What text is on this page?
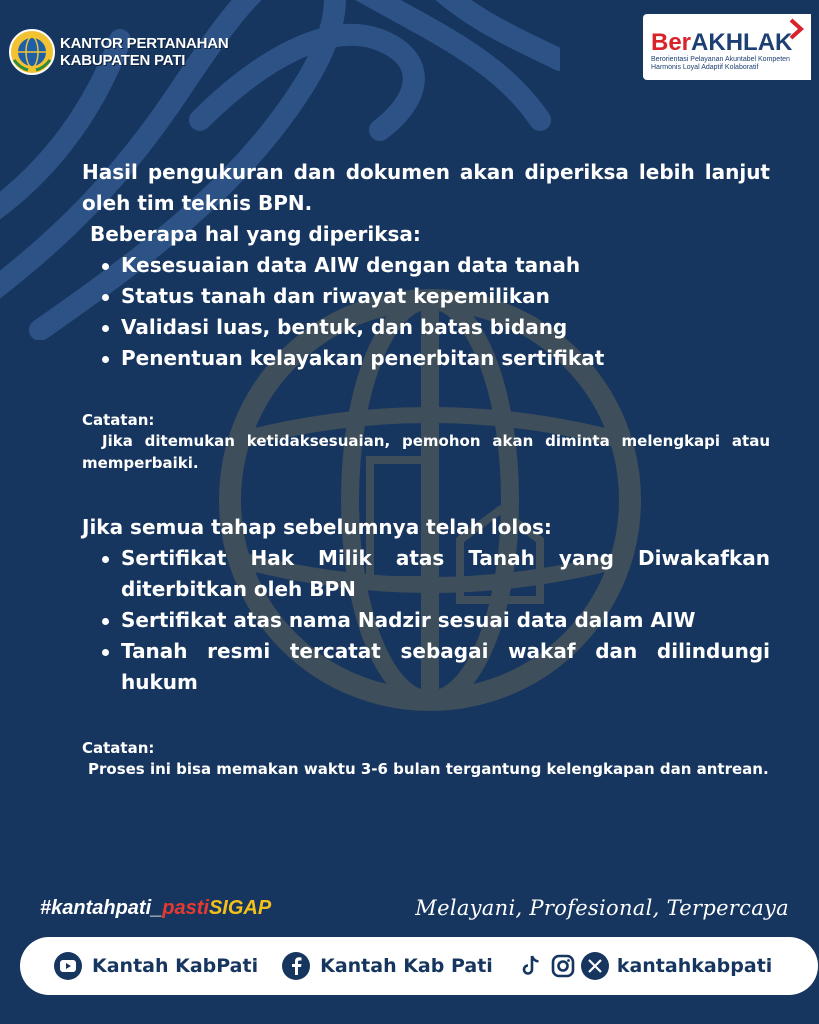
KANTOR PERTANAHAN
KABUPATEN PATI
BerAKHLAK
Berorientasi Pelayanan Akuntabel Kompeten
Harmonis Loyal Adaptif Kolaboratif

Hasil pengukuran dan dokumen akan diperiksa lebih lanjut oleh tim teknis BPN.

Beberapa hal yang diperiksa:

Kesesuaian data AIW dengan data tanah
Status tanah dan riwayat kepemilikan
Validasi luas, bentuk, dan batas bidang
Penentuan kelayakan penerbitan sertifikat

Catatan:

Jika ditemukan ketidaksesuaian, pemohon akan diminta melengkapi atau memperbaiki.

Jika semua tahap sebelumnya telah lolos:

Sertifikat Hak Milik atas Tanah yang Diwakafkan diterbitkan oleh BPN
Sertifikat atas nama Nadzir sesuai data dalam AIW
Tanah resmi tercatat sebagai wakaf dan dilindungi hukum

Catatan:

Proses ini bisa memakan waktu 3-6 bulan tergantung kelengkapan dan antrean.

#kantahpati_pastiSIGAP	Melayani, Profesional, Terpercaya
Kantah KabPati	Kantah Kab Pati	kantahkabpati
